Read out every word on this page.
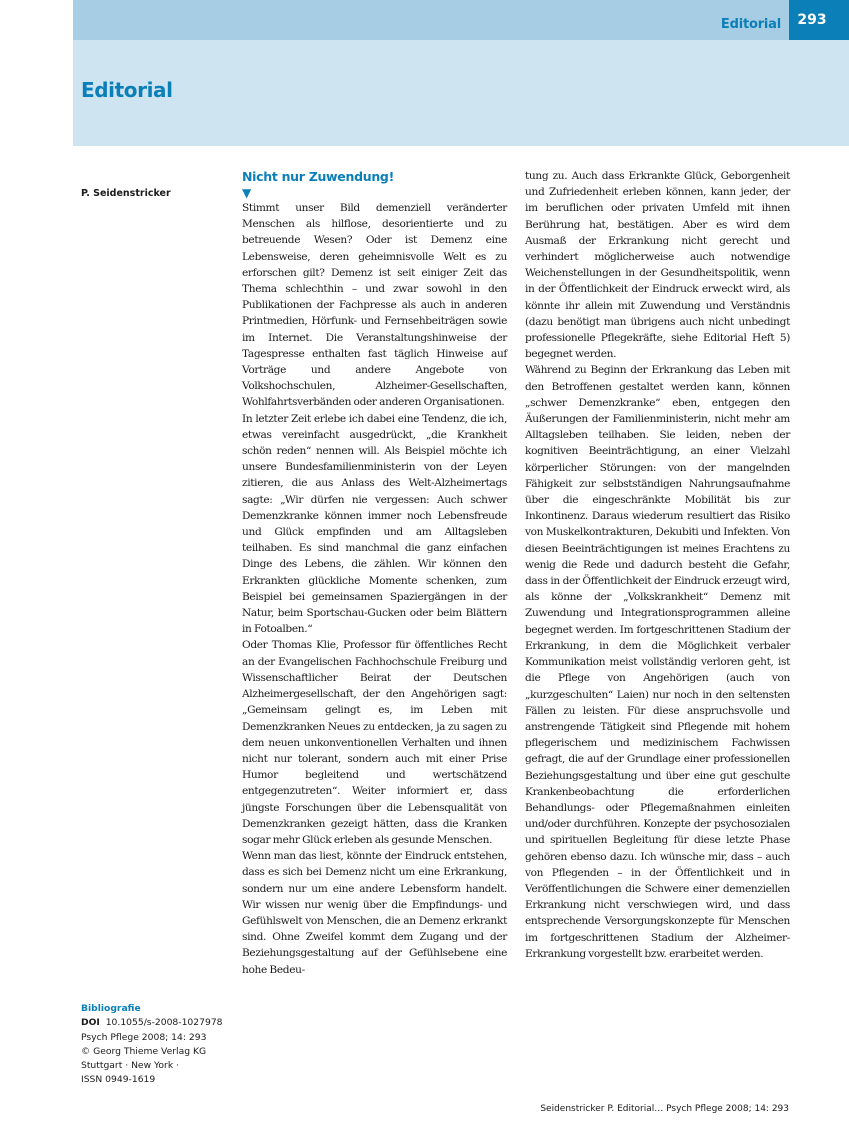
Editorial	293
Editorial
P. Seidenstricker
Nicht nur Zuwendung!
▼

Stimmt unser Bild demenziell veränderter Menschen als hilflose, desorientierte und zu betreuende Wesen? Oder ist Demenz eine Lebensweise, deren geheimnisvolle Welt es zu erforschen gilt? Demenz ist seit einiger Zeit das Thema schlechthin – und zwar sowohl in den Publikationen der Fachpresse als auch in anderen Printmedien, Hörfunk- und Fernsehbeiträgen sowie im Internet. Die Veranstaltungshinweise der Tagespresse enthalten fast täglich Hinweise auf Vorträge und andere Angebote von Volkshochschulen, Alzheimer-Gesellschaften, Wohlfahrtsverbänden oder anderen Organisationen.

In letzter Zeit erlebe ich dabei eine Tendenz, die ich, etwas vereinfacht ausgedrückt, „die Krankheit schön reden“ nennen will. Als Beispiel möchte ich unsere Bundesfamilienministerin von der Leyen zitieren, die aus Anlass des Welt-Alzheimertags sagte: „Wir dürfen nie vergessen: Auch schwer Demenzkranke können immer noch Lebensfreude und Glück empfinden und am Alltagsleben teilhaben. Es sind manchmal die ganz einfachen Dinge des Lebens, die zählen. Wir können den Erkrankten glückliche Momente schenken, zum Beispiel bei gemeinsamen Spaziergängen in der Natur, beim Sportschau-Gucken oder beim Blättern in Fotoalben.“

Oder Thomas Klie, Professor für öffentliches Recht an der Evangelischen Fachhochschule Freiburg und Wissenschaftlicher Beirat der Deutschen Alzheimergesellschaft, der den Angehörigen sagt: „Gemeinsam gelingt es, im Leben mit Demenzkranken Neues zu entdecken, ja zu sagen zu dem neuen unkonventionellen Verhalten und ihnen nicht nur tolerant, sondern auch mit einer Prise Humor begleitend und wertschätzend entgegenzutreten“. Weiter informiert er, dass jüngste Forschungen über die Lebensqualität von Demenzkranken gezeigt hätten, dass die Kranken sogar mehr Glück erleben als gesunde Menschen.

Wenn man das liest, könnte der Eindruck entstehen, dass es sich bei Demenz nicht um eine Erkrankung, sondern nur um eine andere Lebensform handelt. Wir wissen nur wenig über die Empfindungs- und Gefühlswelt von Menschen, die an Demenz erkrankt sind. Ohne Zweifel kommt dem Zugang und der Beziehungsgestaltung auf der Gefühlsebene eine hohe Bedeu-

tung zu. Auch dass Erkrankte Glück, Geborgenheit und Zufriedenheit erleben können, kann jeder, der im beruflichen oder privaten Umfeld mit ihnen Berührung hat, bestätigen. Aber es wird dem Ausmaß der Erkrankung nicht gerecht und verhindert möglicherweise auch notwendige Weichenstellungen in der Gesundheitspolitik, wenn in der Öffentlichkeit der Eindruck erweckt wird, als könnte ihr allein mit Zuwendung und Verständnis (dazu benötigt man übrigens auch nicht unbedingt professionelle Pflegekräfte, siehe Editorial Heft 5) begegnet werden.

Während zu Beginn der Erkrankung das Leben mit den Betroffenen gestaltet werden kann, können „schwer Demenzkranke“ eben, entgegen den Äußerungen der Familienministerin, nicht mehr am Alltagsleben teilhaben. Sie leiden, neben der kognitiven Beeinträchtigung, an einer Vielzahl körperlicher Störungen: von der mangelnden Fähigkeit zur selbstständigen Nahrungsaufnahme über die eingeschränkte Mobilität bis zur Inkontinenz. Daraus wiederum resultiert das Risiko von Muskelkontrakturen, Dekubiti und Infekten. Von diesen Beeinträchtigungen ist meines Erachtens zu wenig die Rede und dadurch besteht die Gefahr, dass in der Öffentlichkeit der Eindruck erzeugt wird, als könne der „Volkskrankheit“ Demenz mit Zuwendung und Integrationsprogrammen alleine begegnet werden. Im fortgeschrittenen Stadium der Erkrankung, in dem die Möglichkeit verbaler Kommunikation meist vollständig verloren geht, ist die Pflege von Angehörigen (auch von „kurzgeschulten“ Laien) nur noch in den seltensten Fällen zu leisten. Für diese anspruchsvolle und anstrengende Tätigkeit sind Pflegende mit hohem pflegerischem und medizinischem Fachwissen gefragt, die auf der Grundlage einer professionellen Beziehungsgestaltung und über eine gut geschulte Krankenbeobachtung die erforderlichen Behandlungs- oder Pflegemaßnahmen einleiten und/oder durchführen. Konzepte der psychosozialen und spirituellen Begleitung für diese letzte Phase gehören ebenso dazu. Ich wünsche mir, dass – auch von Pflegenden – in der Öffentlichkeit und in Veröffentlichungen die Schwere einer demenziellen Erkrankung nicht verschwiegen wird, und dass entsprechende Versorgungskonzepte für Menschen im fortgeschrittenen Stadium der Alzheimer-Erkrankung vorgestellt bzw. erarbeitet werden.

Bibliografie
DOI 10.1055/s-2008-1027978
Psych Pflege 2008; 14: 293
© Georg Thieme Verlag KG
Stuttgart · New York ·
ISSN 0949-1619
Seidenstricker P. Editorial… Psych Pflege 2008; 14: 293
